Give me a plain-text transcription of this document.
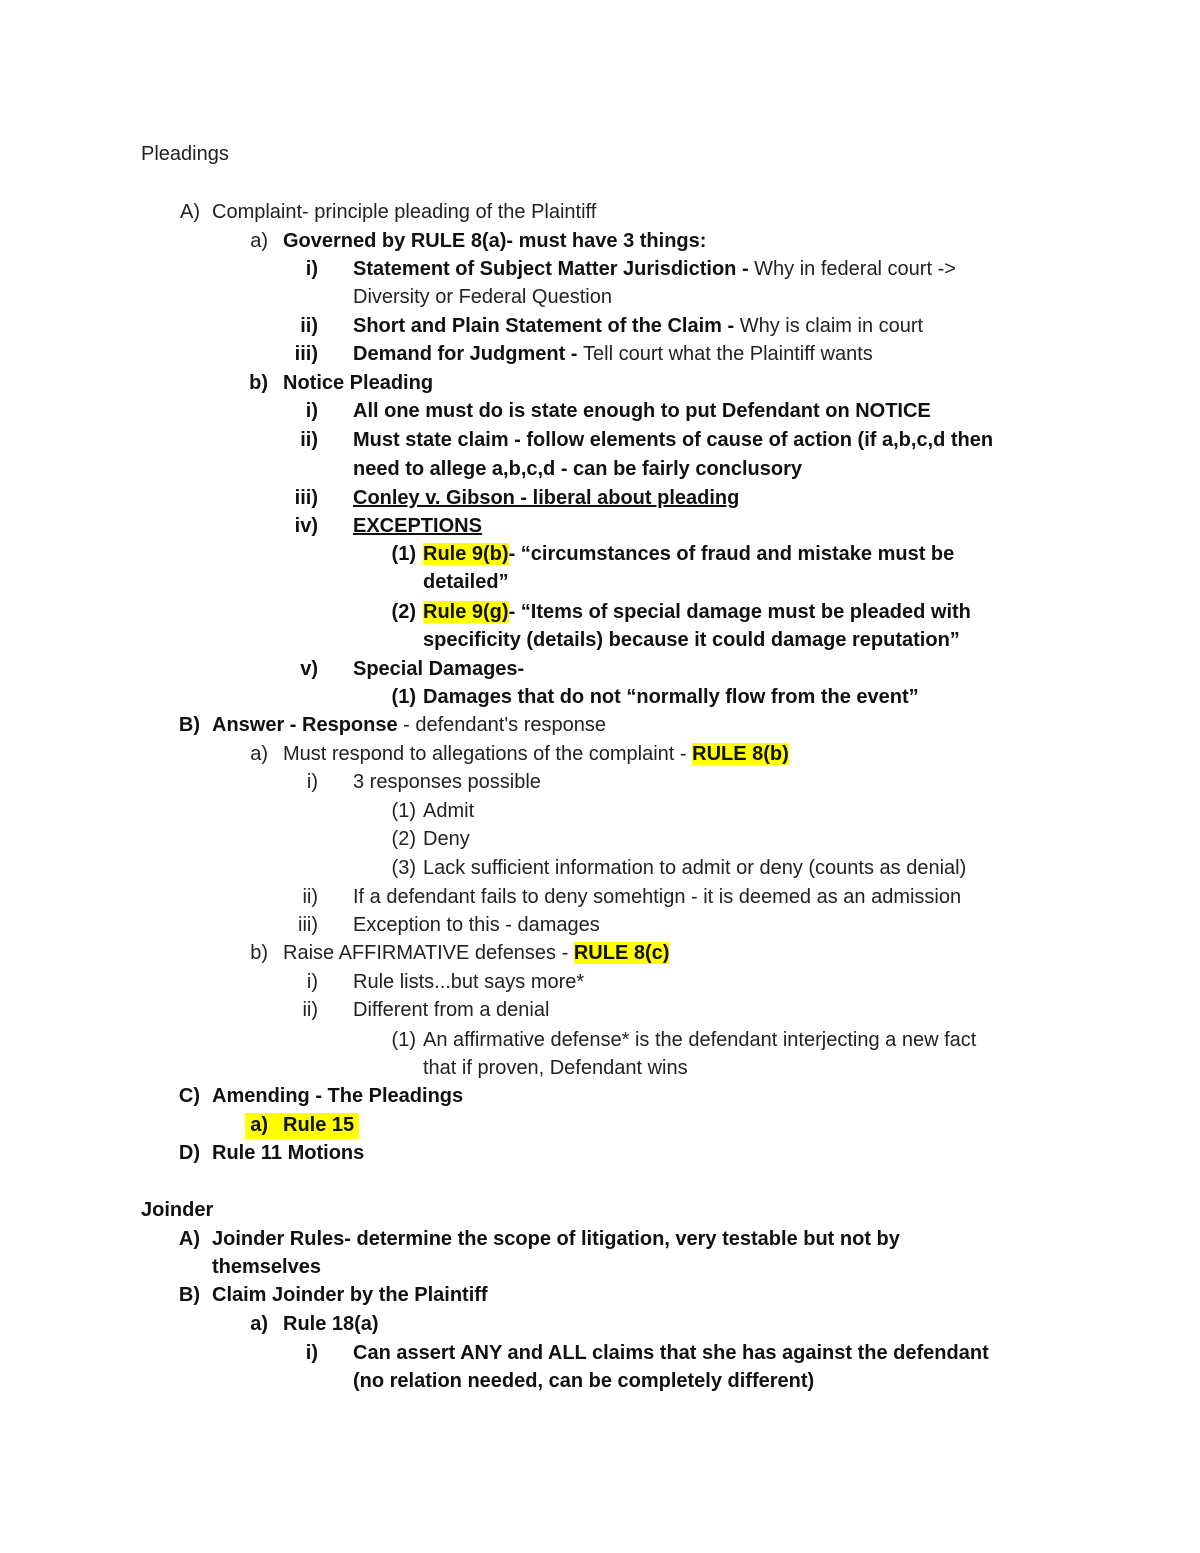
Pleadings
A) Complaint- principle pleading of the Plaintiff
a) Governed by RULE 8(a)- must have 3 things:
i) Statement of Subject Matter Jurisdiction - Why in federal court ->
Diversity or Federal Question
ii) Short and Plain Statement of the Claim - Why is claim in court
iii) Demand for Judgment - Tell court what the Plaintiff wants
b) Notice Pleading
i) All one must do is state enough to put Defendant on NOTICE
ii) Must state claim - follow elements of cause of action (if a,b,c,d then
need to allege a,b,c,d - can be fairly conclusory
iii) Conley v. Gibson - liberal about pleading
iv) EXCEPTIONS
(1) Rule 9(b)- “circumstances of fraud and mistake must be
detailed”
(2) Rule 9(g)- “Items of special damage must be pleaded with
specificity (details) because it could damage reputation”
v) Special Damages-
(1) Damages that do not “normally flow from the event”
B) Answer - Response - defendant's response
a) Must respond to allegations of the complaint - RULE 8(b)
i) 3 responses possible
(1) Admit
(2) Deny
(3) Lack sufficient information to admit or deny (counts as denial)
ii) If a defendant fails to deny somehtign - it is deemed as an admission
iii) Exception to this - damages
b) Raise AFFIRMATIVE defenses - RULE 8(c)
i) Rule lists...but says more*
ii) Different from a denial
(1) An affirmative defense* is the defendant interjecting a new fact
that if proven, Defendant wins
C) Amending - The Pleadings
a) Rule 15
D) Rule 11 Motions
Joinder
A) Joinder Rules- determine the scope of litigation, very testable but not by
themselves
B) Claim Joinder by the Plaintiff
a) Rule 18(a)
i) Can assert ANY and ALL claims that she has against the defendant
(no relation needed, can be completely different)
